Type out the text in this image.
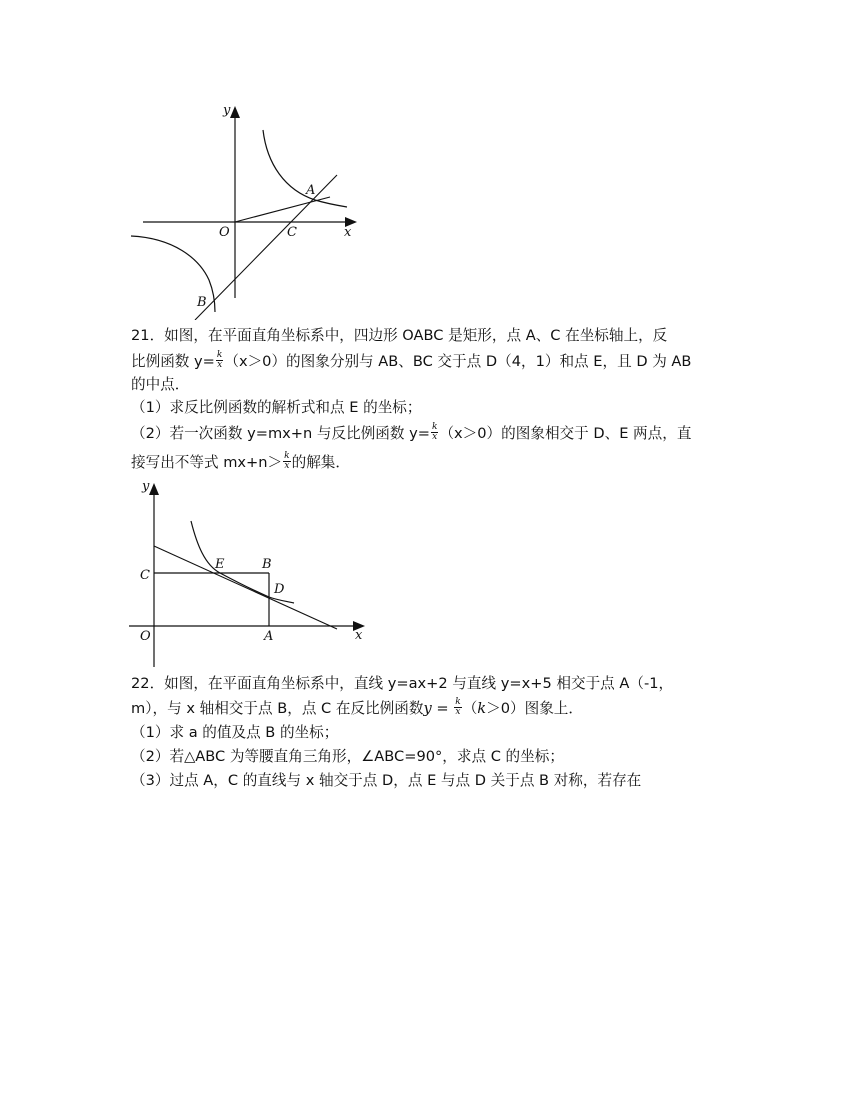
y
x
O	C
A
B
21．如图，在平面直角坐标系中，四边形 OABC 是矩形，点 A、C 在坐标轴上，反
比例函数 $y= \frac{k}{x} (x>0)$的图象分别与 AB、BC 交于点 D（4，1）和点 E，且 D 为 AB
的中点．
（1）求反比例函数的解析式和点 E 的坐标；
（2）若一次函数 y=mx+n 与反比例函数 $y= \frac{k}{x} (x>0)$的图象相交于 D、E 两点，直
接写出不等式 $mx+n> \frac{k}{x}$ 的解集．
y
x
O
C
E	B
D
A
22．如图，在平面直角坐标系中，直线 y=ax+2 与直线 y=x+5 相交于点 A（-1，
m），与 x 轴相交于点 B，点 C 在反比例函数$y = \frac{k}{x} (k>0)$图象上．
（1）求 a 的值及点 B 的坐标；
（2）若△ABC 为等腰直角三角形，∠ABC=90°，求点 C 的坐标；
（3）过点 A，C 的直线与 x 轴交于点 D，点 E 与点 D 关于点 B 对称，若存在
